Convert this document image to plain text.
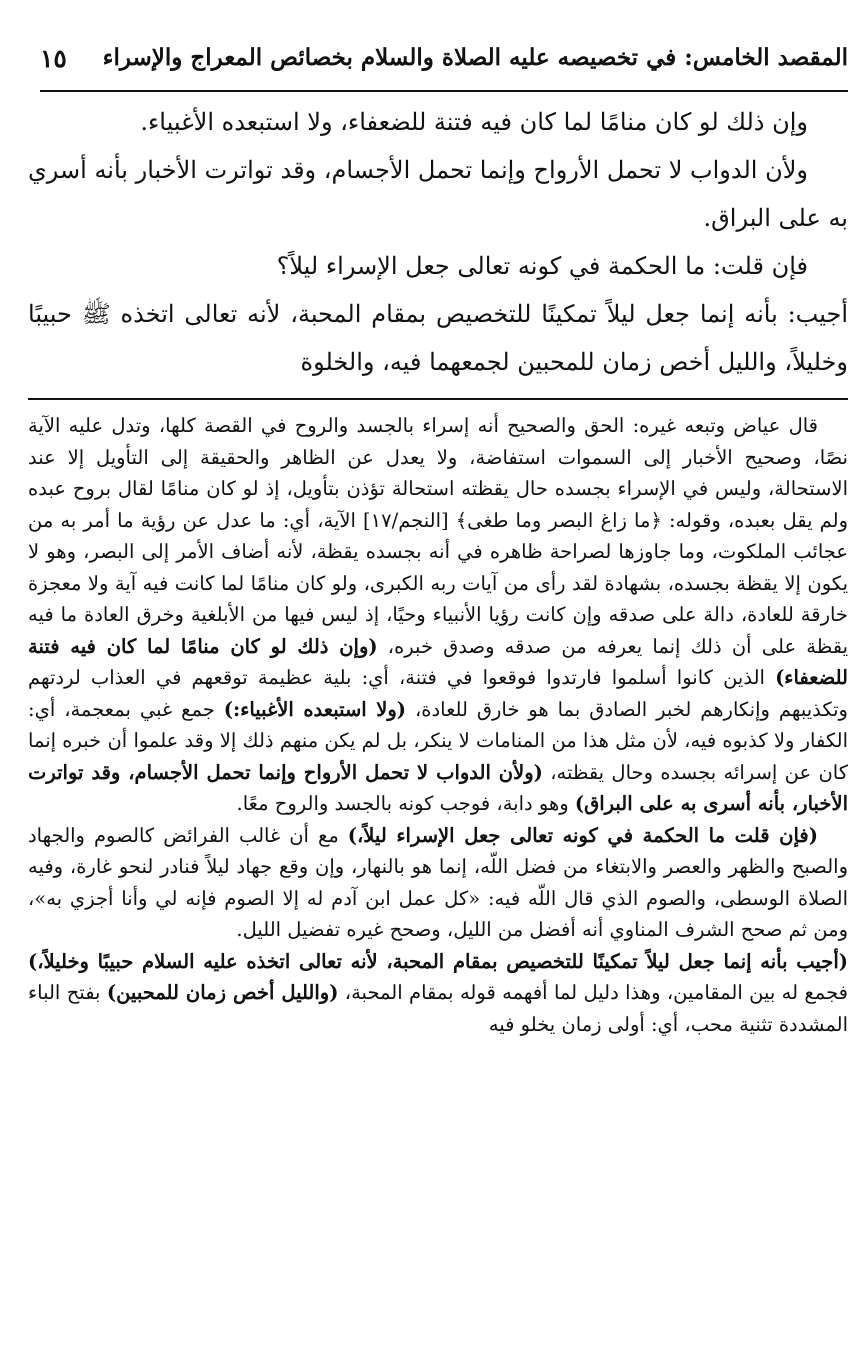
المقصد الخامس: في تخصيصه عليه الصلاة والسلام بخصائص المعراج والإسراء
١٥

وإن ذلك لو كان منامًا لما كان فيه فتنة للضعفاء، ولا استبعده الأغبياء.

ولأن الدواب لا تحمل الأرواح وإنما تحمل الأجسام، وقد تواترت الأخبار بأنه أسري به على البراق.

فإن قلت: ما الحكمة في كونه تعالى جعل الإسراء ليلاً؟

أجيب: بأنه إنما جعل ليلاً تمكينًا للتخصيص بمقام المحبة، لأنه تعالى اتخذه ﷺ حبيبًا وخليلاً، والليل أخص زمان للمحبين لجمعهما فيه، والخلوة

قال عياض وتبعه غيره: الحق والصحيح أنه إسراء بالجسد والروح في القصة كلها، وتدل عليه الآية نصًا، وصحيح الأخبار إلى السموات استفاضة، ولا يعدل عن الظاهر والحقيقة إلى التأويل إلا عند الاستحالة، وليس في الإسراء بجسده حال يقظته استحالة تؤذن بتأويل، إذ لو كان منامًا لقال بروح عبده ولم يقل بعبده، وقوله: ﴿ما زاغ البصر وما طغى﴾ [النجم/١٧] الآية، أي: ما عدل عن رؤية ما أمر به من عجائب الملكوت، وما جاوزها لصراحة ظاهره في أنه بجسده يقظة، لأنه أضاف الأمر إلى البصر، وهو لا يكون إلا يقظة بجسده، بشهادة لقد رأى من آيات ربه الكبرى، ولو كان منامًا لما كانت فيه آية ولا معجزة خارقة للعادة، دالة على صدقه وإن كانت رؤيا الأنبياء وحيًا، إذ ليس فيها من الأبلغية وخرق العادة ما فيه يقظة على أن ذلك إنما يعرفه من صدقه وصدق خبره، (وإن ذلك لو كان منامًا لما كان فيه فتنة للضعفاء) الذين كانوا أسلموا فارتدوا فوقعوا في فتنة، أي: بلية عظيمة توقعهم في العذاب لردتهم وتكذيبهم وإنكارهم لخبر الصادق بما هو خارق للعادة، (ولا استبعده الأغبياء:) جمع غبي بمعجمة، أي: الكفار ولا كذبوه فيه، لأن مثل هذا من المنامات لا ينكر، بل لم يكن منهم ذلك إلا وقد علموا أن خبره إنما كان عن إسرائه بجسده وحال يقظته، (ولأن الدواب لا تحمل الأرواح وإنما تحمل الأجسام، وقد تواترت الأخبار، بأنه أسرى به على البراق) وهو دابة، فوجب كونه بالجسد والروح معًا.

(فإن قلت ما الحكمة في كونه تعالى جعل الإسراء ليلاً،) مع أن غالب الفرائض كالصوم والجهاد والصبح والظهر والعصر والابتغاء من فضل اللّه، إنما هو بالنهار، وإن وقع جهاد ليلاً فنادر لنحو غارة، وفيه الصلاة الوسطى، والصوم الذي قال اللّه فيه: «كل عمل ابن آدم له إلا الصوم فإنه لي وأنا أجزي به»، ومن ثم صحح الشرف المناوي أنه أفضل من الليل، وصحح غيره تفضيل الليل.

(أجيب بأنه إنما جعل ليلاً تمكينًا للتخصيص بمقام المحبة، لأنه تعالى اتخذه عليه السلام حبيبًا وخليلاً،) فجمع له بين المقامين، وهذا دليل لما أفهمه قوله بمقام المحبة، (والليل أخص زمان للمحبين) بفتح الباء المشددة تثنية محب، أي: أولى زمان يخلو فيه
